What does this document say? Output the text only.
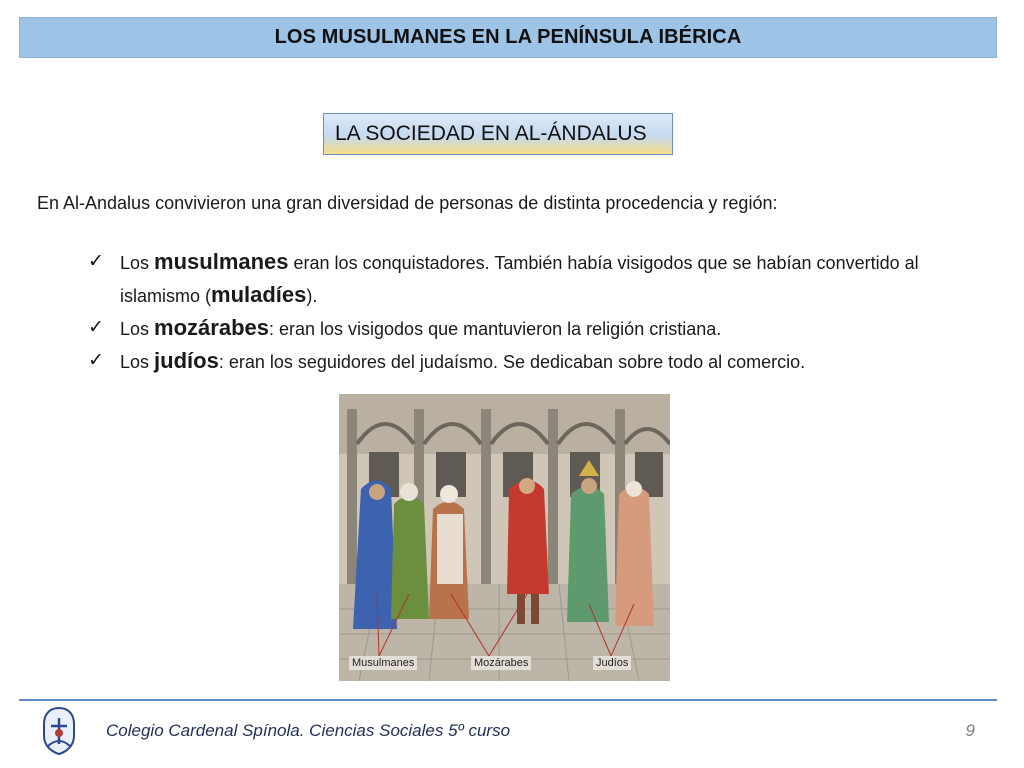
LOS MUSULMANES EN LA PENÍNSULA IBÉRICA
LA SOCIEDAD EN AL-ÁNDALUS
En Al-Andalus convivieron una gran diversidad de personas de distinta procedencia y región:
✓ Los musulmanes eran los conquistadores. También había visigodos que se habían convertido al islamismo (muladíes).
✓ Los mozárabes: eran los visigodos que mantuvieron la religión cristiana.
✓ Los judíos: eran los seguidores del judaísmo. Se dedicaban sobre todo al comercio.
Musulmanes	Mozárabes	Judíos
Colegio Cardenal Spínola. Ciencias Sociales 5º curso	9
